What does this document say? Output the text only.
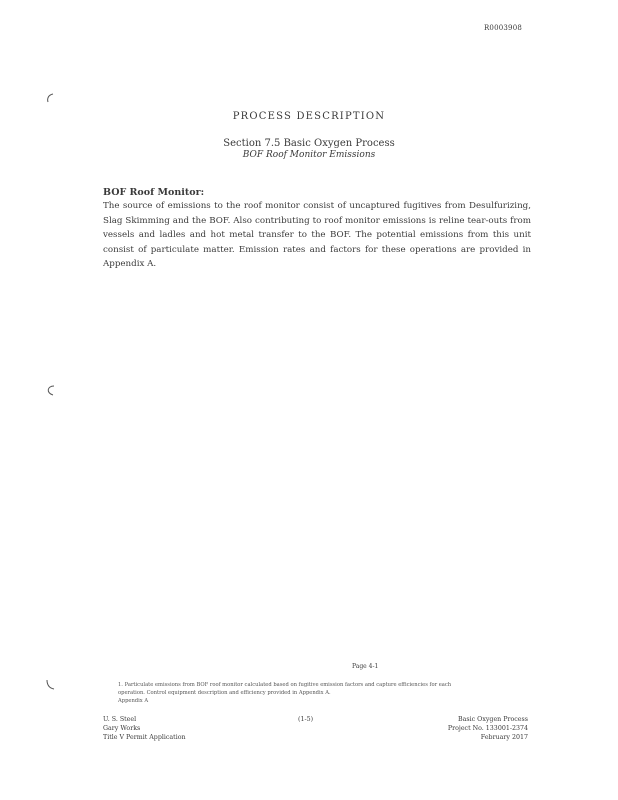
R0003908
PROCESS DESCRIPTION
Section 7.5 Basic Oxygen Process
BOF Roof Monitor Emissions
BOF Roof Monitor:
The source of emissions to the roof monitor consist of uncaptured fugitives from Desulfurizing, Slag Skimming and the BOF. Also contributing to roof monitor emissions is reline tear-outs from vessels and ladles and hot metal transfer to the BOF. The potential emissions from this unit consist of particulate matter. Emission rates and factors for these operations are provided in Appendix A.
Page 4-1
1. Particulate emissions from BOF roof monitor calculated based on fugitive emission factors and capture efficiencies for each
operation. Control equipment description and efficiency provided in Appendix A.
Appendix A
U. S. Steel
Gary Works
Title V Permit Application
(1-5)	Basic Oxygen Process
Project No. 133001-2374
February 2017
